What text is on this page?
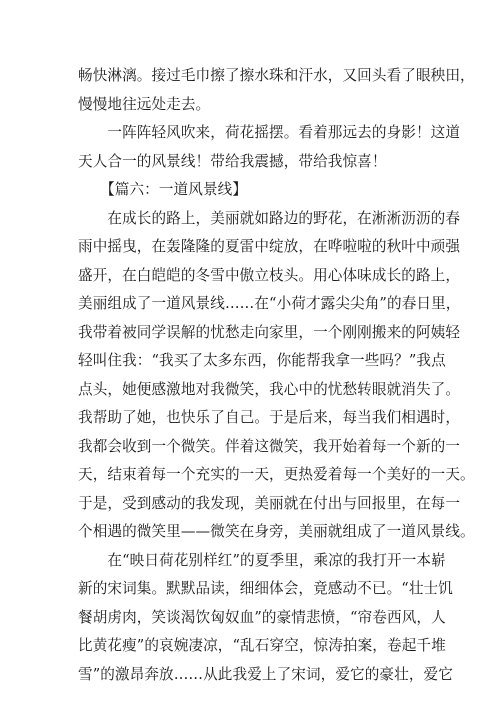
畅快淋漓。接过毛巾擦了擦水珠和汗水，又回头看了眼秧田，
慢慢地往远处走去。
　　一阵阵轻风吹来，荷花摇摆。看着那远去的身影！这道
天人合一的风景线！带给我震撼，带给我惊喜！
　　【篇六：一道风景线】
　　在成长的路上，美丽就如路边的野花，在淅淅沥沥的春
雨中摇曳，在轰隆隆的夏雷中绽放，在哗啦啦的秋叶中顽强
盛开，在白皑皑的冬雪中傲立枝头。用心体味成长的路上，
美丽组成了一道风景线……在“小荷才露尖尖角”的春日里，
我带着被同学误解的忧愁走向家里，一个刚刚搬来的阿姨轻
轻叫住我：“我买了太多东西，你能帮我拿一些吗？”我点
点头，她便感激地对我微笑，我心中的忧愁转眼就消失了。
我帮助了她，也快乐了自己。于是后来，每当我们相遇时，
我都会收到一个微笑。伴着这微笑，我开始着每一个新的一
天，结束着每一个充实的一天，更热爱着每一个美好的一天。
于是，受到感动的我发现，美丽就在付出与回报里，在每一
个相遇的微笑里——微笑在身旁，美丽就组成了一道风景线。
　　在“映日荷花别样红”的夏季里，乘凉的我打开一本崭
新的宋词集。默默品读，细细体会，竟感动不已。“壮士饥
餐胡虏肉，笑谈渴饮匈奴血”的豪情悲愤，“帘卷西风，人
比黄花瘦”的哀婉凄凉，“乱石穿空，惊涛拍案，卷起千堆
雪”的激昂奔放……从此我爱上了宋词，爱它的豪壮，爱它
